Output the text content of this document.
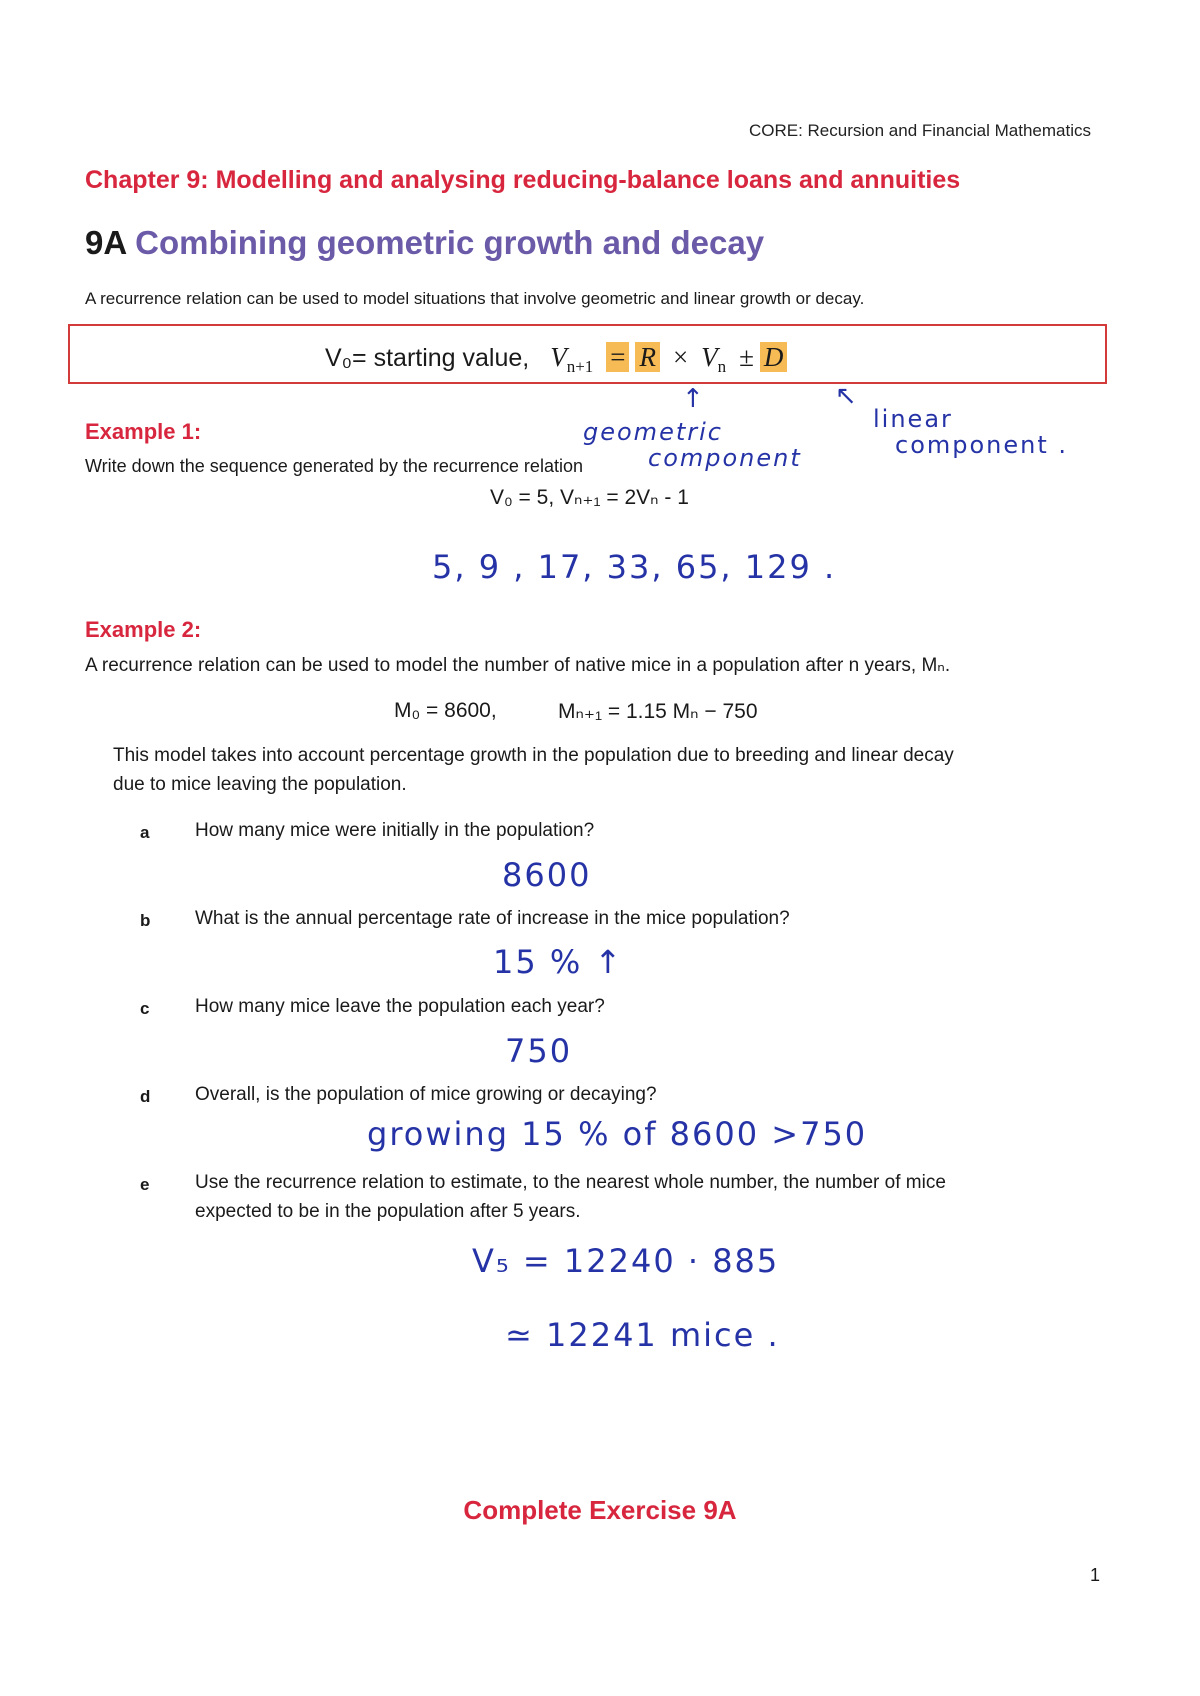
CORE: Recursion and Financial Mathematics
Chapter 9: Modelling and analysing reducing-balance loans and annuities
9A Combining geometric growth and decay
A recurrence relation can be used to model situations that involve geometric and linear growth or decay.
V₀= starting value, $V_{n+1} = R \times V_n \pm D$
↑	↖
geometric
component
linear
component .
Example 1:
Write down the sequence generated by the recurrence relation
V₀ = 5, Vₙ₊₁ = 2Vₙ - 1
5, 9 , 17, 33, 65, 129 .
Example 2:
A recurrence relation can be used to model the number of native mice in a population after n years, Mₙ.
M₀ = 8600,	Mₙ₊₁ = 1.15 Mₙ − 750
This model takes into account percentage growth in the population due to breeding and linear decay
due to mice leaving the population.
a How many mice were initially in the population?
8600
b What is the annual percentage rate of increase in the mice population?
15 % ↑
c How many mice leave the population each year?
750
d Overall, is the population of mice growing or decaying?
growing 15 % of 8600 >750
e Use the recurrence relation to estimate, to the nearest whole number, the number of mice
expected to be in the population after 5 years.
V₅ = 12240 · 885
≃ 12241 mice .
Complete Exercise 9A
1
